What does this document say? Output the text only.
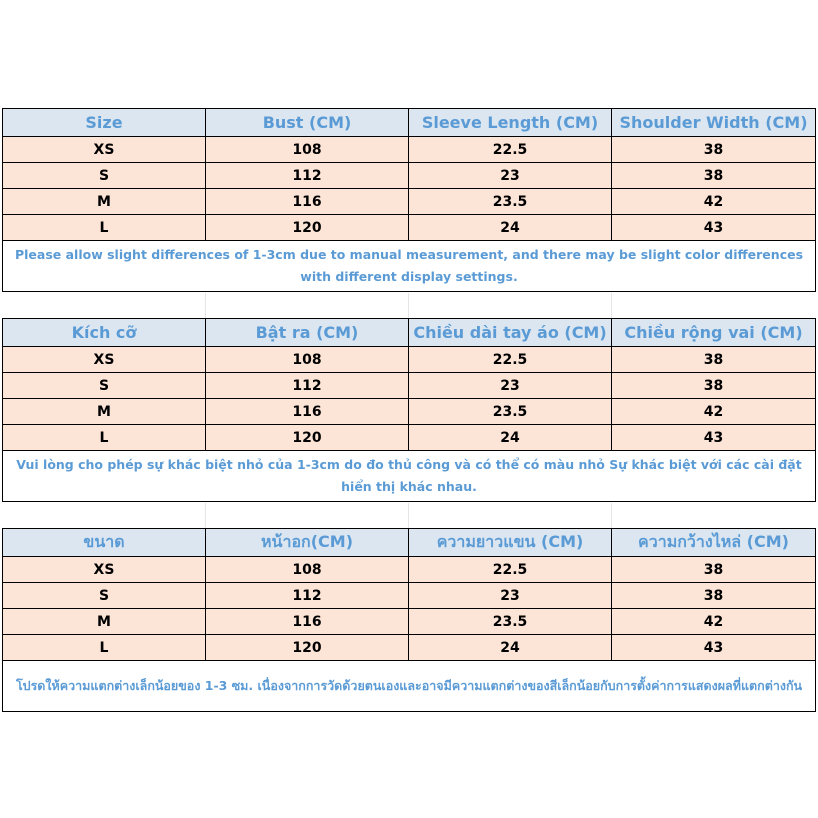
Size	Bust (CM)	Sleeve Length (CM)	Shoulder Width (CM)
XS	108	22.5	38
S	112	23	38
M	116	23.5	42
L	120	24	43
Please allow slight differences of 1-3cm due to manual measurement, and there may be slight color differences with different display settings.			
Kích cỡ	Bật ra (CM)	Chiều dài tay áo (CM)	Chiều rộng vai (CM)
XS	108	22.5	38
S	112	23	38
M	116	23.5	42
L	120	24	43
Vui lòng cho phép sự khác biệt nhỏ của 1-3cm do đo thủ công và có thể có màu nhỏ Sự khác biệt với các cài đặt hiển thị khác nhau.			
ขนาด	หน้าอก(CM)	ความยาวแขน (CM)	ความกว้างไหล่ (CM)
XS	108	22.5	38
S	112	23	38
M	116	23.5	42
L	120	24	43
โปรดให้ความแตกต่างเล็กน้อยของ 1-3 ซม. เนื่องจากการวัดด้วยตนเองและอาจมีความแตกต่างของสีเล็กน้อยกับการตั้งค่าการแสดงผลที่แตกต่างกัน			
